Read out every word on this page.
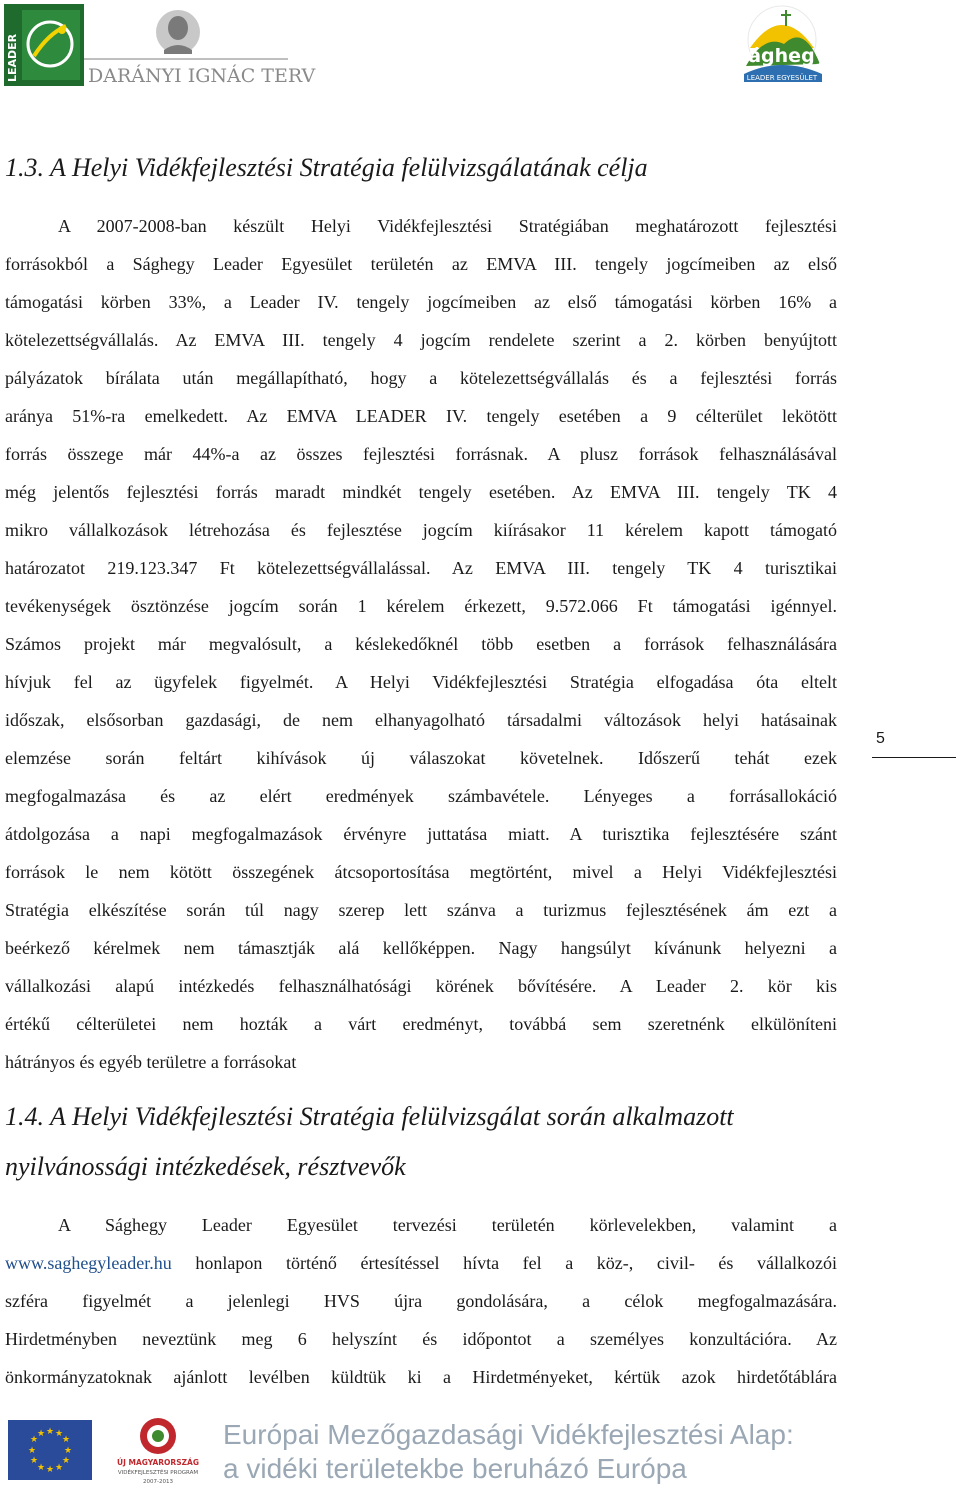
LEADER	DARÁNYI IGNÁC TERV
sághegy
LEADER EGYESÜLET
1.3. A Helyi Vidékfejlesztési Stratégia felülvizsgálatának célja
A 2007-2008-ban készült Helyi Vidékfejlesztési Stratégiában meghatározott fejlesztési
forrásokból a Sághegy Leader Egyesület területén az EMVA III. tengely jogcímeiben az első
támogatási körben 33%, a Leader IV. tengely jogcímeiben az első támogatási körben 16% a
kötelezettségvállalás. Az EMVA III. tengely 4 jogcím rendelete szerint a 2. körben benyújtott
pályázatok bírálata után megállapítható, hogy a kötelezettségvállalás és a fejlesztési forrás
aránya 51%-ra emelkedett. Az EMVA LEADER IV. tengely esetében a 9 célterület lekötött
forrás összege már 44%-a az összes fejlesztési forrásnak. A plusz források felhasználásával
még jelentős fejlesztési forrás maradt mindkét tengely esetében. Az EMVA III. tengely TK 4
mikro vállalkozások létrehozása és fejlesztése jogcím kiírásakor 11 kérelem kapott támogató
határozatot 219.123.347 Ft kötelezettségvállalással. Az EMVA III. tengely TK 4 turisztikai
tevékenységek ösztönzése jogcím során 1 kérelem érkezett, 9.572.066 Ft támogatási igénnyel.
Számos projekt már megvalósult, a késlekedőknél több esetben a források felhasználására
hívjuk fel az ügyfelek figyelmét. A Helyi Vidékfejlesztési Stratégia elfogadása óta eltelt
időszak, elsősorban gazdasági, de nem elhanyagolható társadalmi változások helyi hatásainak
elemzése során feltárt kihívások új válaszokat követelnek. Időszerű tehát ezek
megfogalmazása és az elért eredmények számbavétele. Lényeges a forrásallokáció
átdolgozása a napi megfogalmazások érvényre juttatása miatt. A turisztika fejlesztésére szánt
források le nem kötött összegének átcsoportosítása megtörtént, mivel a Helyi Vidékfejlesztési
Stratégia elkészítése során túl nagy szerep lett szánva a turizmus fejlesztésének ám ezt a
beérkező kérelmek nem támasztják alá kellőképpen. Nagy hangsúlyt kívánunk helyezni a
vállalkozási alapú intézkedés felhasználhatósági körének bővítésére. A Leader 2. kör kis
értékű célterületei nem hozták a várt eredményt, továbbá sem szeretnénk elkülöníteni
hátrányos és egyéb területre a forrásokat
5
1.4. A Helyi Vidékfejlesztési Stratégia felülvizsgálat során alkalmazott
nyilvánossági intézkedések, résztvevők
A Sághegy Leader Egyesület tervezési területén körlevelekben, valamint a
www.saghegyleader.hu honlapon történő értesítéssel hívta fel a köz-, civil- és vállalkozói
szféra figyelmét a jelenlegi HVS újra gondolására, a célok megfogalmazására.
Hirdetményben neveztünk meg 6 helyszínt és időpontot a személyes konzultációra. Az
önkormányzatoknak ajánlott levélben küldtük ki a Hirdetményeket, kértük azok hirdetőtáblára
★ ★
★
★
★
★
★
★
★
★
★
★
ÚJ MAGYARORSZÁG
VIDÉKFEJLESZTÉSI PROGRAM
2007-2013
Európai Mezőgazdasági Vidékfejlesztési Alap:
a vidéki területekbe beruházó Európa
